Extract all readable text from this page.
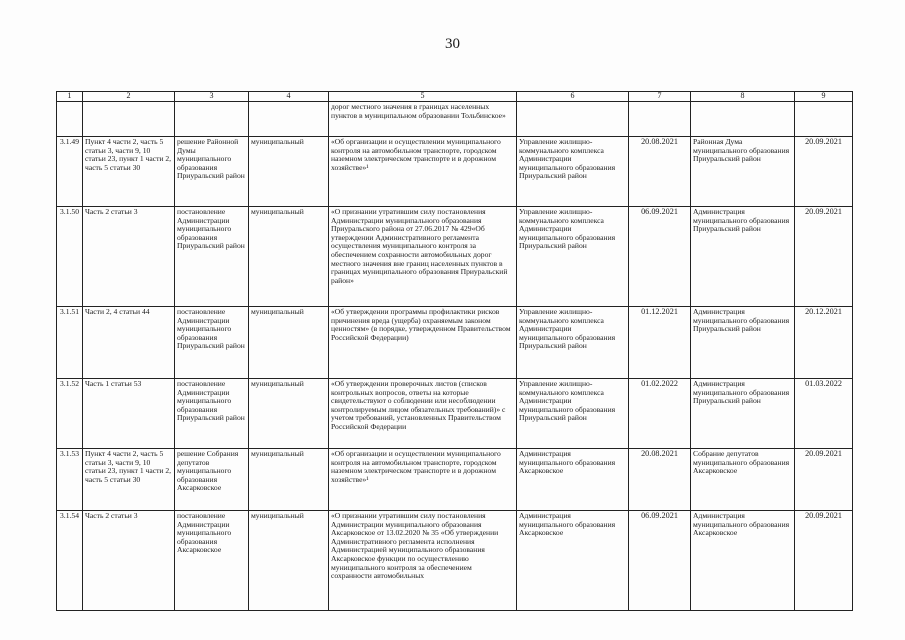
30
1	2	3	4	5	6	7	8	9
				дорог местного значения в границах населенных пунктов в муниципальном образовании Тольбинское»				
3.1.49	Пункт 4 части 2, часть 5 статьи 3, части 9, 10 статьи 23, пункт 1 части 2, часть 5 статьи 30	решение Районной Думы муниципального образования Приуральский район	муниципальный	«Об организации и осуществлении муниципального контроля на автомобильном транспорте, городском наземном электрическом транспорте и в дорожном хозяйстве»¹	Управление жилищно-коммунального комплекса Администрации муниципального образования Приуральский район	20.08.2021	Районная Дума муниципального образования Приуральский район	20.09.2021
3.1.50	Часть 2 статьи 3	постановление Администрации муниципального образования Приуральский район	муниципальный	«О признании утратившим силу постановления Администрации муниципального образования Приуральского района от 27.06.2017 № 429«Об утверждении Административного регламента осуществления муниципального контроля за обеспечением сохранности автомобильных дорог местного значения вне границ населенных пунктов в границах муниципального образования Приуральский район»	Управление жилищно-коммунального комплекса Администрации муниципального образования Приуральский район	06.09.2021	Администрация муниципального образования Приуральский район	20.09.2021
3.1.51	Части 2, 4 статьи 44	постановление Администрации муниципального образования Приуральский район	муниципальный	«Об утверждении программы профилактики рисков причинения вреда (ущерба) охраняемым законом ценностям» (в порядке, утвержденном Правительством Российской Федерации)	Управление жилищно-коммунального комплекса Администрации муниципального образования Приуральский район	01.12.2021	Администрация муниципального образования Приуральский район	20.12.2021
3.1.52	Часть 1 статьи 53	постановление Администрации муниципального образования Приуральский район	муниципальный	«Об утверждении проверочных листов (списков контрольных вопросов, ответы на которые свидетельствуют о соблюдении или несоблюдении контролируемым лицом обязательных требований)» с учетом требований, установленных Правительством Российской Федерации	Управление жилищно-коммунального комплекса Администрации муниципального образования Приуральский район	01.02.2022	Администрация муниципального образования Приуральский район	01.03.2022
3.1.53	Пункт 4 части 2, часть 5 статьи 3, части 9, 10 статьи 23, пункт 1 части 2, часть 5 статьи 30	решение Собрания депутатов муниципального образования Аксарковское	муниципальный	«Об организации и осуществлении муниципального контроля на автомобильном транспорте, городском наземном электрическом транспорте и в дорожном хозяйстве»¹	Администрация муниципального образования Аксарковское	20.08.2021	Собрание депутатов муниципального образования Аксарковское	20.09.2021
3.1.54	Часть 2 статьи 3	постановление Администрации муниципального образования Аксарковское	муниципальный	«О признании утратившим силу постановления Администрации муниципального образования Аксарковское от 13.02.2020 № 35 «Об утверждении Административного регламента исполнения Администрацией муниципального образования Аксарковское функции по осуществлению муниципального контроля за обеспечением сохранности автомобильных	Администрация муниципального образования Аксарковское	06.09.2021	Администрация муниципального образования Аксарковское	20.09.2021
